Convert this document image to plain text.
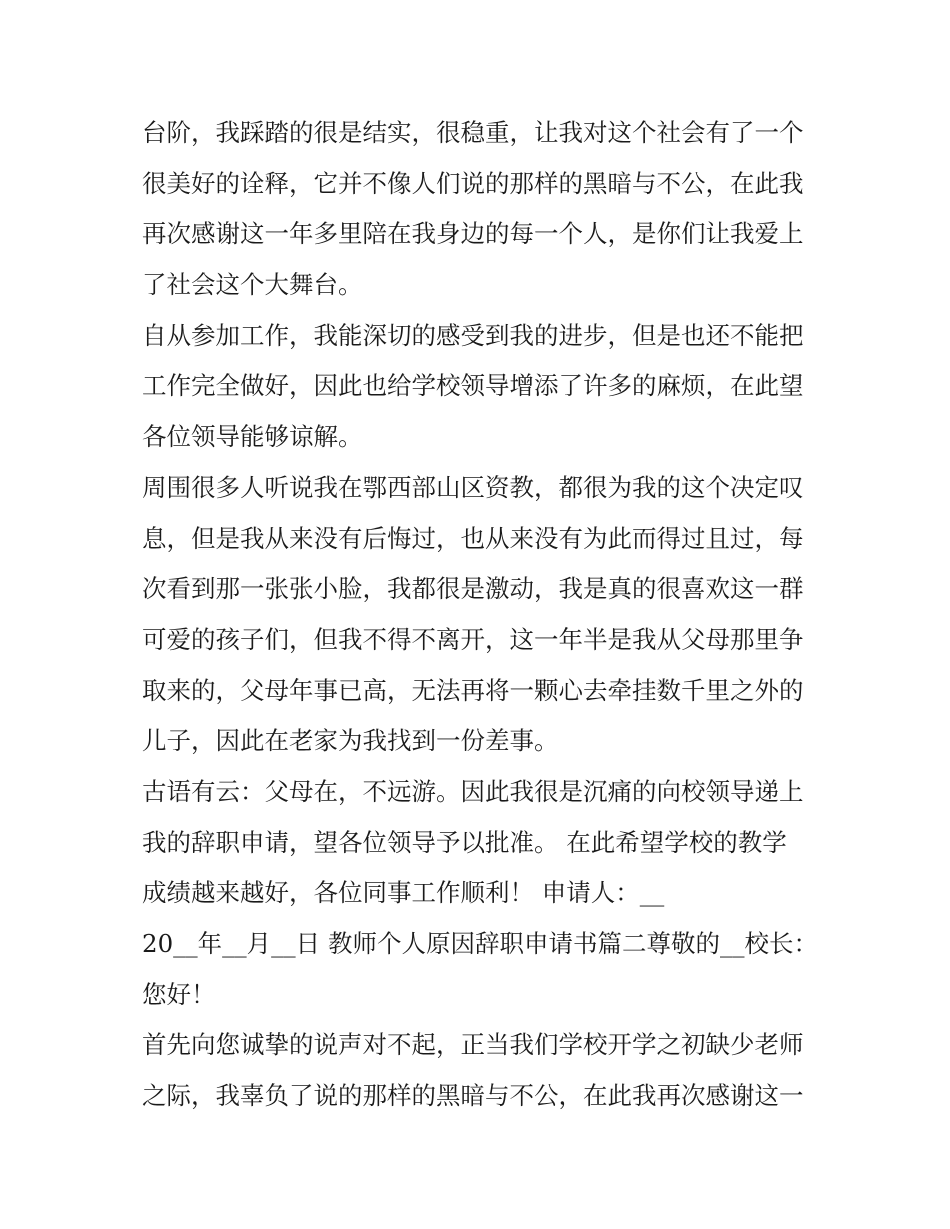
台阶，我踩踏的很是结实，很稳重，让我对这个社会有了一个
很美好的诠释，它并不像人们说的那样的黑暗与不公，在此我
再次感谢这一年多里陪在我身边的每一个人，是你们让我爱上
了社会这个大舞台。
自从参加工作，我能深切的感受到我的进步，但是也还不能把
工作完全做好，因此也给学校领导增添了许多的麻烦，在此望
各位领导能够谅解。
周围很多人听说我在鄂西部山区资教，都很为我的这个决定叹
息，但是我从来没有后悔过，也从来没有为此而得过且过，每
次看到那一张张小脸，我都很是激动，我是真的很喜欢这一群
可爱的孩子们，但我不得不离开，这一年半是我从父母那里争
取来的，父母年事已高，无法再将一颗心去牵挂数千里之外的
儿子，因此在老家为我找到一份差事。
古语有云：父母在，不远游。因此我很是沉痛的向校领导递上
我的辞职申请，望各位领导予以批准。 在此希望学校的教学
成绩越来越好，各位同事工作顺利！ 申请人：__
20__年__月__日 教师个人原因辞职申请书篇二尊敬的__校长：
您好！
首先向您诚挚的说声对不起，正当我们学校开学之初缺少老师
之际，我辜负了说的那样的黑暗与不公，在此我再次感谢这一
